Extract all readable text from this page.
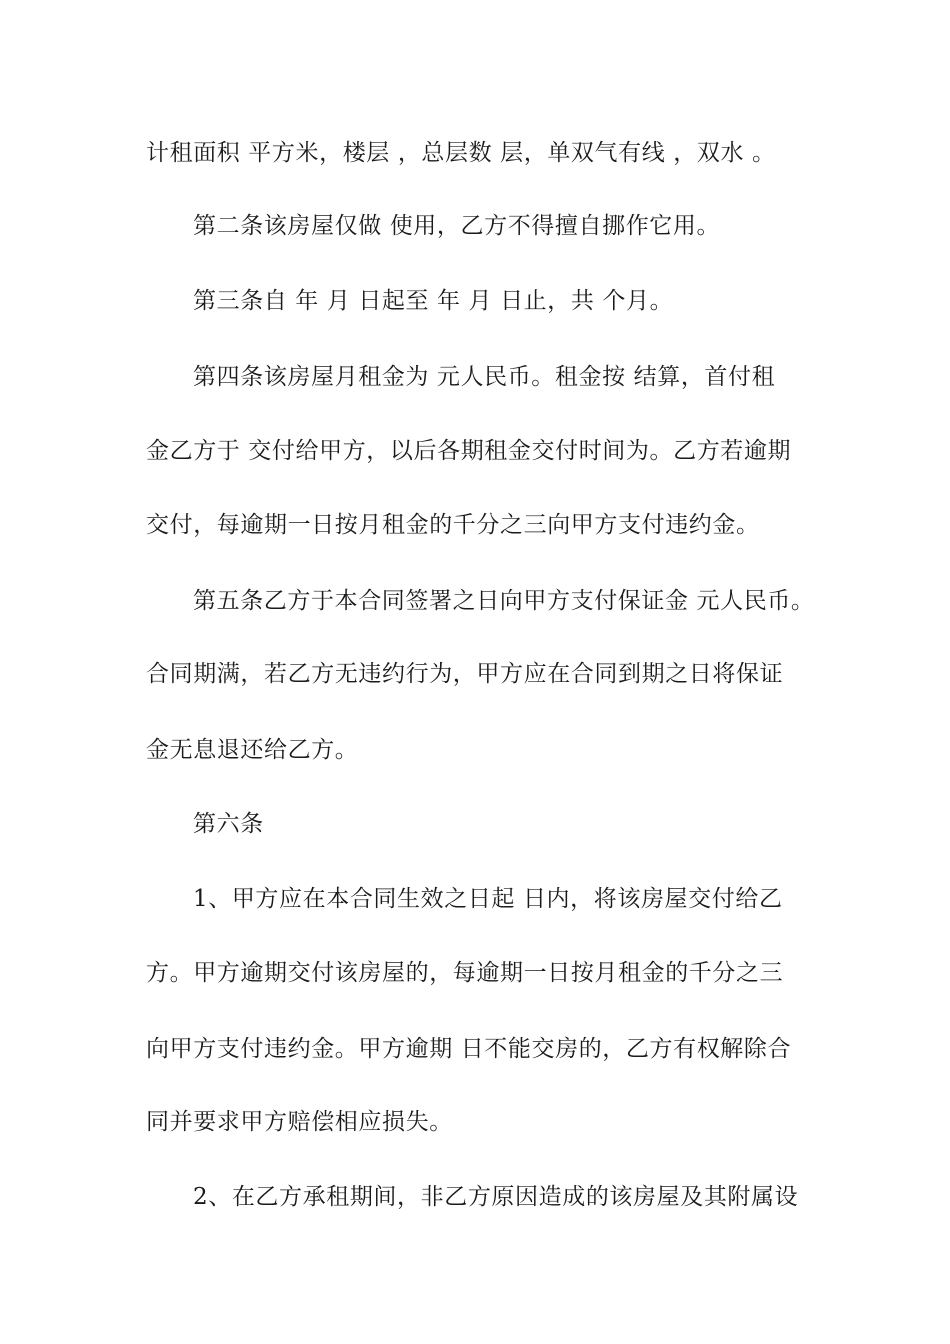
计租面积 平方米，楼层 ，总层数 层，单双气有线 ，双水 。
第二条该房屋仅做 使用，乙方不得擅自挪作它用。
第三条自 年 月 日起至 年 月 日止，共 个月。
第四条该房屋月租金为 元人民币。租金按 结算，首付租
金乙方于 交付给甲方，以后各期租金交付时间为。乙方若逾期
交付，每逾期一日按月租金的千分之三向甲方支付违约金。
第五条乙方于本合同签署之日向甲方支付保证金 元人民币。
合同期满，若乙方无违约行为，甲方应在合同到期之日将保证
金无息退还给乙方。
第六条
1、甲方应在本合同生效之日起 日内，将该房屋交付给乙
方。甲方逾期交付该房屋的，每逾期一日按月租金的千分之三
向甲方支付违约金。甲方逾期 日不能交房的，乙方有权解除合
同并要求甲方赔偿相应损失。
2、在乙方承租期间，非乙方原因造成的该房屋及其附属设
